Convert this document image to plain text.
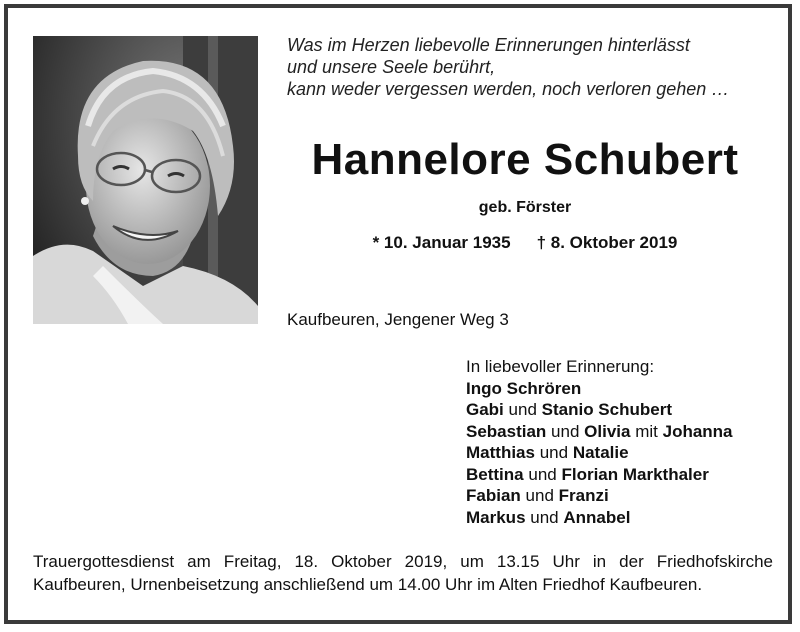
Was im Herzen liebevolle Erinnerungen hinterlässt
und unsere Seele berührt,
kann weder vergessen werden, noch verloren gehen …
Hannelore Schubert
geb. Förster
* 10. Januar 1935 † 8. Oktober 2019
Kaufbeuren, Jengener Weg 3
In liebevoller Erinnerung:
Ingo Schrören
Gabi und Stanio Schubert
Sebastian und Olivia mit Johanna
Matthias und Natalie
Bettina und Florian Markthaler
Fabian und Franzi
Markus und Annabel
Trauergottesdienst am Freitag, 18. Oktober 2019, um 13.15 Uhr in der Friedhofskirche
Kaufbeuren, Urnenbeisetzung anschließend um 14.00 Uhr im Alten Friedhof Kaufbeuren.
